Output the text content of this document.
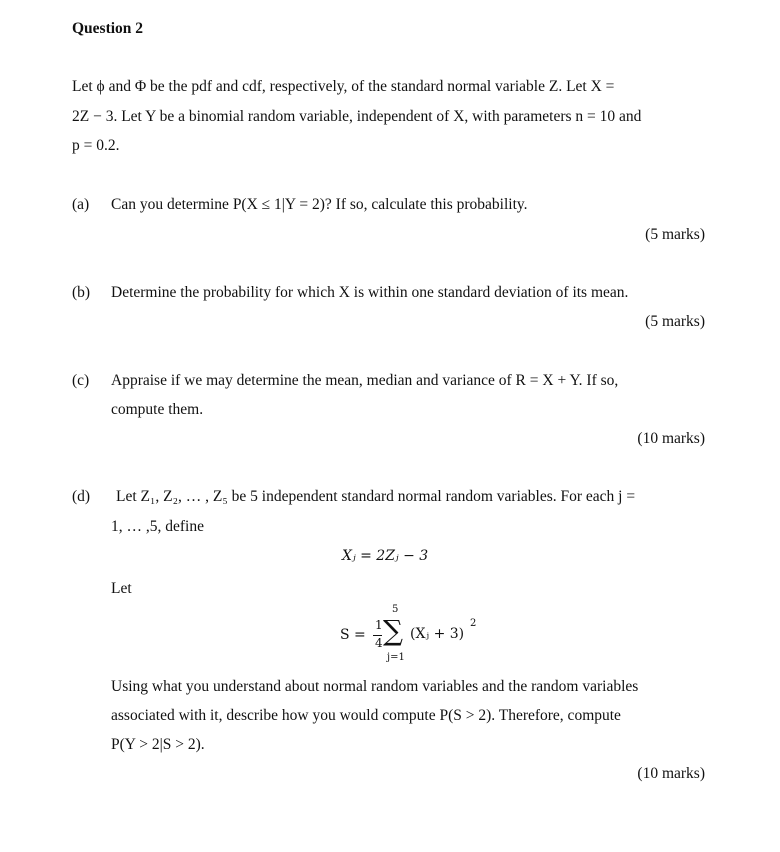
Question 2
Let ϕ and Φ be the pdf and cdf, respectively, of the standard normal variable Z. Let X =
2Z − 3. Let Y be a binomial random variable, independent of X, with parameters n = 10 and
p = 0.2.
(a) Can you determine P(X ≤ 1|Y = 2)? If so, calculate this probability.
(5 marks)
(b) Determine the probability for which X is within one standard deviation of its mean.
(5 marks)
(c) Appraise if we may determine the mean, median and variance of R = X + Y. If so,
compute them.
(10 marks)
(d) Let Z₁, Z₂, … , Z₅ be 5 independent standard normal random variables. For each j =
1, … ,5, define
Xⱼ = 2Zⱼ − 3
Let
S =
1
4
5
∑
j=1
(Xⱼ + 3)
2
Using what you understand about normal random variables and the random variables
associated with it, describe how you would compute P(S > 2). Therefore, compute
P(Y > 2|S > 2).
(10 marks)
